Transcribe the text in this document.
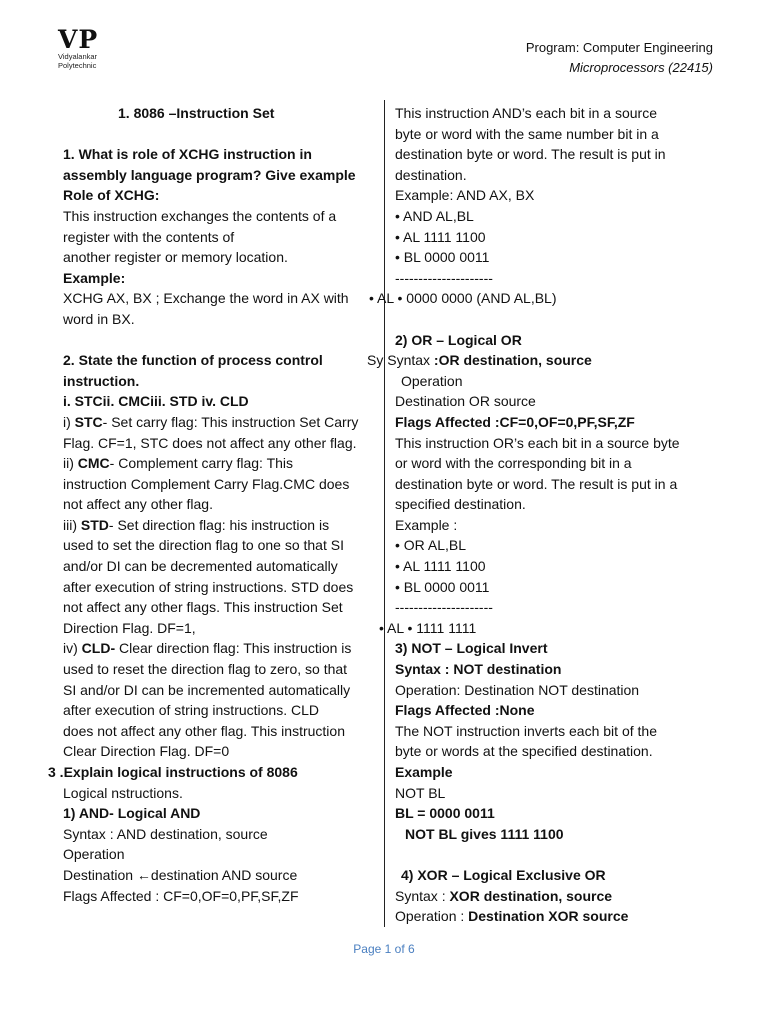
VP
Vidyalankar
Polytechnic
Program: Computer Engineering
Microprocessors (22415)
1. 8086 –Instruction Set
1. What is role of XCHG instruction in
assembly language program? Give example
Role of XCHG:
This instruction exchanges the contents of a
register with the contents of
another register or memory location.
Example:
XCHG AX, BX ; Exchange the word in AX with
word in BX.
2. State the function of process control
instruction.
i. STCii. CMCiii. STD iv. CLD
i) STC- Set carry flag: This instruction Set Carry
Flag. CF=1, STC does not affect any other flag.
ii) CMC- Complement carry flag: This
instruction Complement Carry Flag.CMC does
not affect any other flag.
iii) STD- Set direction flag: his instruction is
used to set the direction flag to one so that SI
and/or DI can be decremented automatically
after execution of string instructions. STD does
not affect any other flags. This instruction Set
Direction Flag. DF=1,
iv) CLD- Clear direction flag: This instruction is
used to reset the direction flag to zero, so that
SI and/or DI can be incremented automatically
after execution of string instructions. CLD
does not affect any other flag. This instruction
Clear Direction Flag. DF=0
3 .Explain logical instructions of 8086
Logical nstructions.
1) AND- Logical AND
Syntax : AND destination, source
Operation
Destination ←destination AND source
Flags Affected : CF=0,OF=0,PF,SF,ZF
This instruction AND’s each bit in a source
byte or word with the same number bit in a
destination byte or word. The result is put in
destination.
Example: AND AX, BX
• AND AL,BL
• AL 1111 1100
• BL 0000 0011
---------------------
• AL • 0000 0000 (AND AL,BL)
2) OR – Logical OR
Sy Syntax :OR destination, source
Operation
Destination OR source
Flags Affected :CF=0,OF=0,PF,SF,ZF
This instruction OR’s each bit in a source byte
or word with the corresponding bit in a
destination byte or word. The result is put in a
specified destination.
Example :
• OR AL,BL
• AL 1111 1100
• BL 0000 0011
---------------------
• AL • 1111 1111
3) NOT – Logical Invert
Syntax : NOT destination
Operation: Destination NOT destination
Flags Affected :None
The NOT instruction inverts each bit of the
byte or words at the specified destination.
Example
NOT BL
BL = 0000 0011
NOT BL gives 1111 1100
4) XOR – Logical Exclusive OR
Syntax : XOR destination, source
Operation : Destination XOR source
Page 1 of 6
